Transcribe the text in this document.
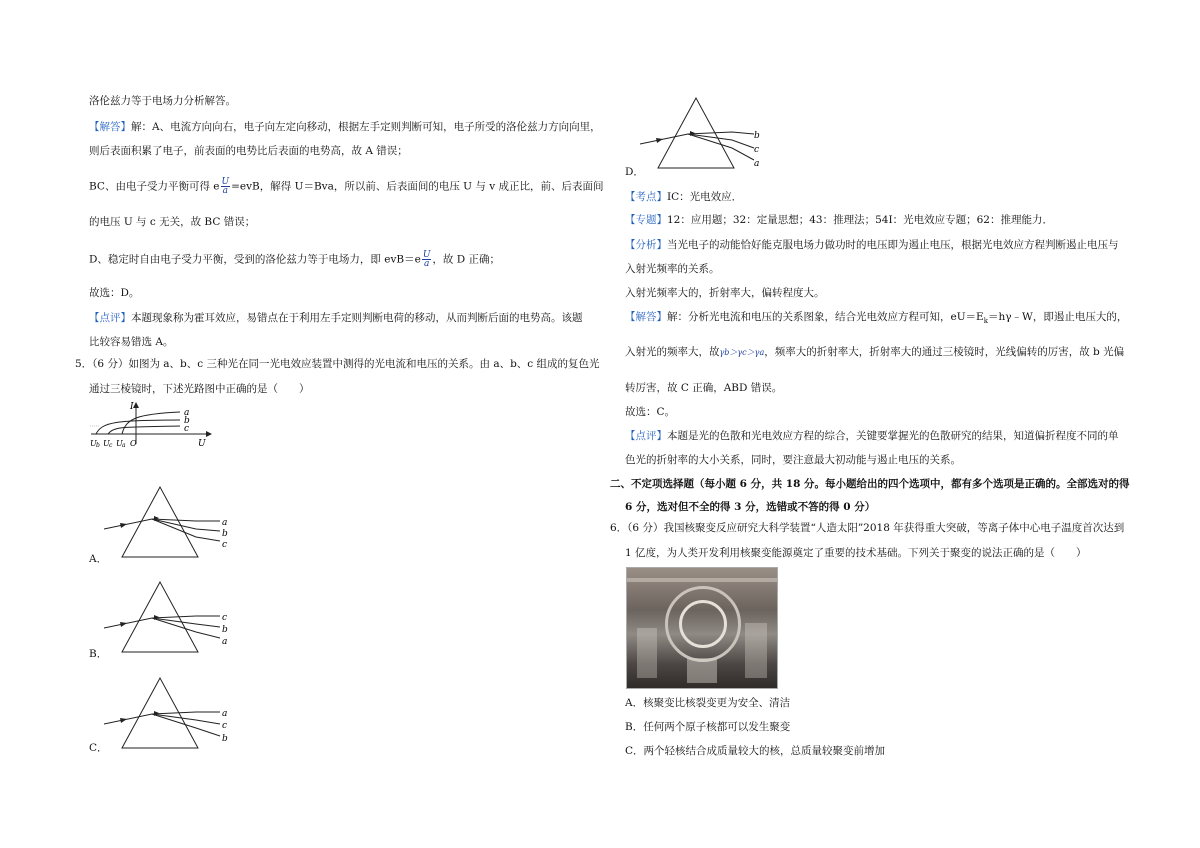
洛伦兹力等于电场力分析解答。
【解答】解：A、电流方向向右，电子向左定向移动，根据左手定则判断可知，电子所受的洛伦兹力方向向里，
则后表面积累了电子，前表面的电势比后表面的电势高，故 A 错误；
BC、由电子受力平衡可得 e $\frac{U}{a} =evB$，解得 U＝Bva，所以前、后表面间的电压 U 与 v 成正比，前、后表面间
的电压 U 与 c 无关，故 BC 错误；
D、稳定时自由电子受力平衡，受到的洛伦兹力等于电场力，即 $evB=e \frac{U}{a}$ ，故 D 正确；
故选：D。
【点评】本题现象称为霍耳效应，易错点在于利用左手定则判断电荷的移动，从而判断后面的电势高。该题
比较容易错选 A。
5．（6 分）如图为 a、b、c 三种光在同一光电效应装置中测得的光电流和电压的关系。由 a、b、c 组成的复色光
通过三棱镜时，下述光路图中正确的是（　　）
I
U
a
b
c
U b U c U a O
a
b
c
A．
c
b
a
B．
a
c
b
C．
b
c
a
D．
【考点】IC：光电效应．
【专题】12：应用题；32：定量思想；43：推理法；54I：光电效应专题；62：推理能力．
【分析】当光电子的动能恰好能克服电场力做功时的电压即为遏止电压，根据光电效应方程判断遏止电压与
入射光频率的关系。
入射光频率大的，折射率大，偏转程度大。
【解答】解：分析光电流和电压的关系图象，结合光电效应方程可知，$eU=E_k=h\gamma﹣W$，即遏止电压大的，
入射光的频率大，故γb＞γc＞γa，频率大的折射率大，折射率大的通过三棱镜时，光线偏转的厉害，故 b 光偏
转厉害，故 C 正确，ABD 错误。
故选：C。
【点评】本题是光的色散和光电效应方程的综合，关键要掌握光的色散研究的结果，知道偏折程度不同的单
色光的折射率的大小关系，同时，要注意最大初动能与遏止电压的关系。
二、不定项选择题（每小题 6 分，共 18 分。每小题给出的四个选项中，都有多个选项是正确的。全部选对的得
6 分，选对但不全的得 3 分，选错或不答的得 0 分）
6．（6 分）我国核聚变反应研究大科学装置“人造太阳”2018 年获得重大突破，等离子体中心电子温度首次达到
1 亿度，为人类开发利用核聚变能源奠定了重要的技术基础。下列关于聚变的说法正确的是（　　）
A．核聚变比核裂变更为安全、清洁
B．任何两个原子核都可以发生聚变
C．两个轻核结合成质量较大的核，总质量较聚变前增加
